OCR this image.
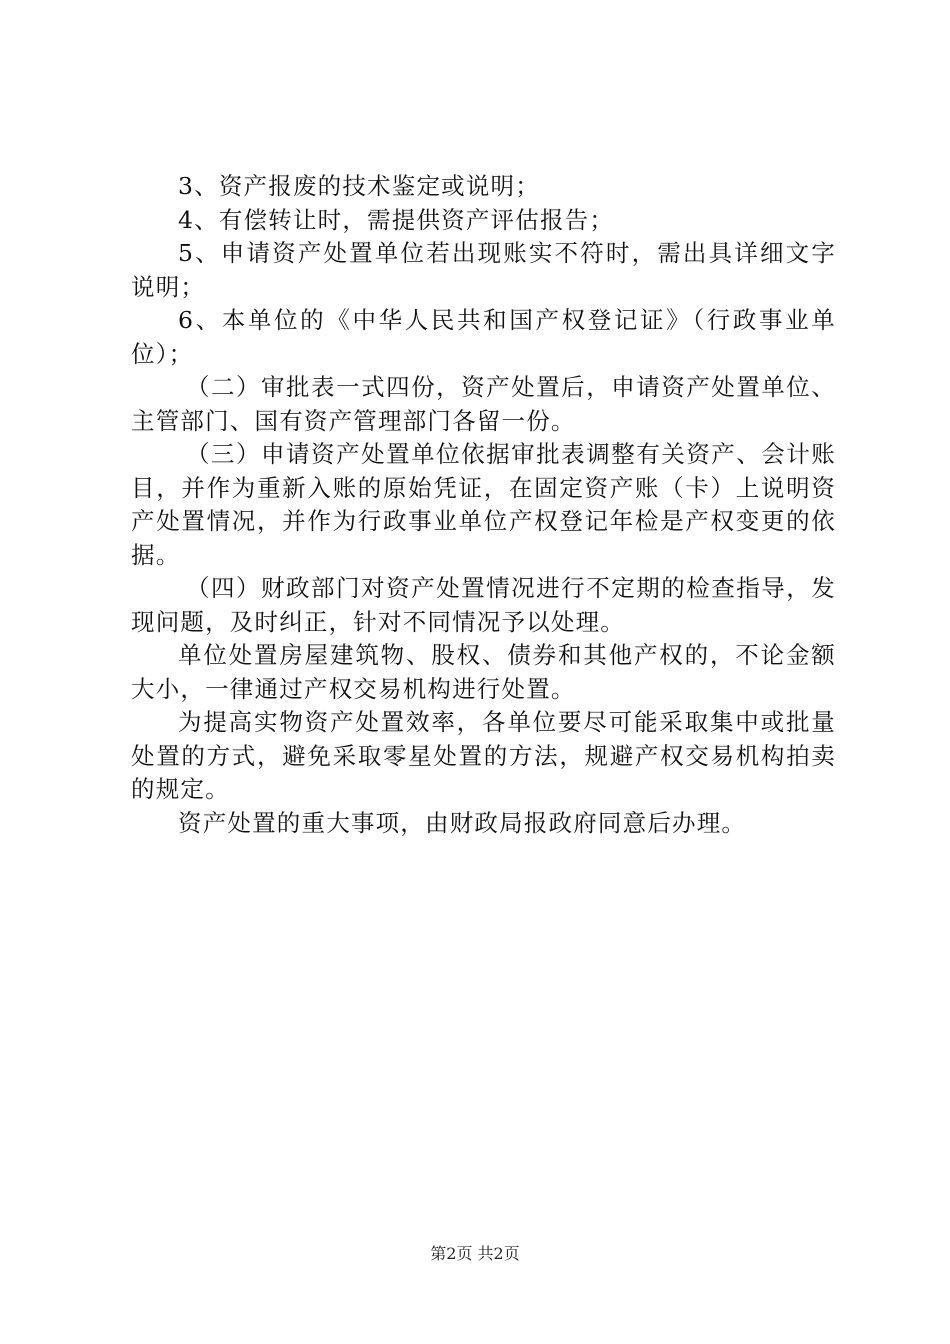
3、资产报废的技术鉴定或说明；

4、有偿转让时，需提供资产评估报告；

5、申请资产处置单位若出现账实不符时，需出具详细文字说明；

6、本单位的《中华人民共和国产权登记证》（行政事业单位）；

（二）审批表一式四份，资产处置后，申请资产处置单位、主管部门、国有资产管理部门各留一份。

（三）申请资产处置单位依据审批表调整有关资产、会计账目，并作为重新入账的原始凭证，在固定资产账（卡）上说明资产处置情况，并作为行政事业单位产权登记年检是产权变更的依据。

（四）财政部门对资产处置情况进行不定期的检查指导，发现问题，及时纠正，针对不同情况予以处理。

单位处置房屋建筑物、股权、债券和其他产权的，不论金额大小，一律通过产权交易机构进行处置。

为提高实物资产处置效率，各单位要尽可能采取集中或批量处置的方式，避免采取零星处置的方法，规避产权交易机构拍卖的规定。

资产处置的重大事项，由财政局报政府同意后办理。

第2页 共2页
